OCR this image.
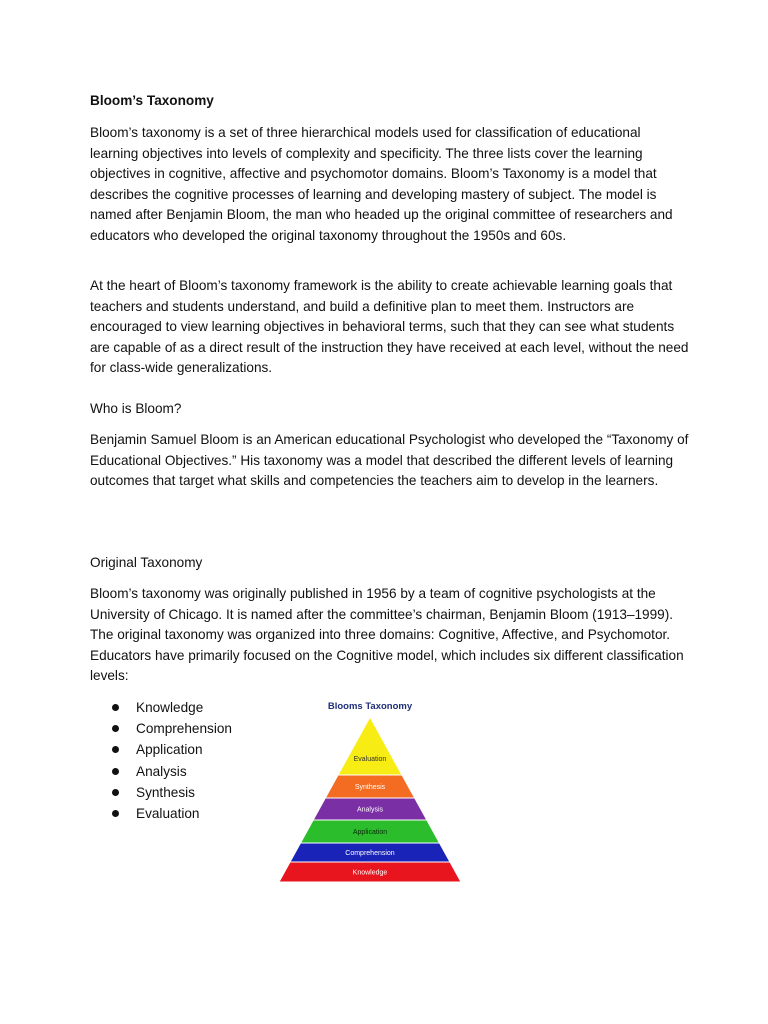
Bloom’s Taxonomy

Bloom’s taxonomy is a set of three hierarchical models used for classification of educational learning objectives into levels of complexity and specificity. The three lists cover the learning objectives in cognitive, affective and psychomotor domains. Bloom’s Taxonomy is a model that describes the cognitive processes of learning and developing mastery of subject. The model is named after Benjamin Bloom, the man who headed up the original committee of researchers and educators who developed the original taxonomy throughout the 1950s and 60s.

At the heart of Bloom’s taxonomy framework is the ability to create achievable learning goals that teachers and students understand, and build a definitive plan to meet them. Instructors are encouraged to view learning objectives in behavioral terms, such that they can see what students are capable of as a direct result of the instruction they have received at each level, without the need for class-wide generalizations.

Who is Bloom?

Benjamin Samuel Bloom is an American educational Psychologist who developed the “Taxonomy of Educational Objectives.” His taxonomy was a model that described the different levels of learning outcomes that target what skills and competencies the teachers aim to develop in the learners.

Original Taxonomy

Bloom’s taxonomy was originally published in 1956 by a team of cognitive psychologists at the University of Chicago. It is named after the committee’s chairman, Benjamin Bloom (1913–1999). The original taxonomy was organized into three domains: Cognitive, Affective, and Psychomotor. Educators have primarily focused on the Cognitive model, which includes six different classification levels:

Knowledge
Comprehension
Application
Analysis
Synthesis
Evaluation
Blooms Taxonomy
Evaluation
Synthesis
Analysis
Application
Comprehension
Knowledge
